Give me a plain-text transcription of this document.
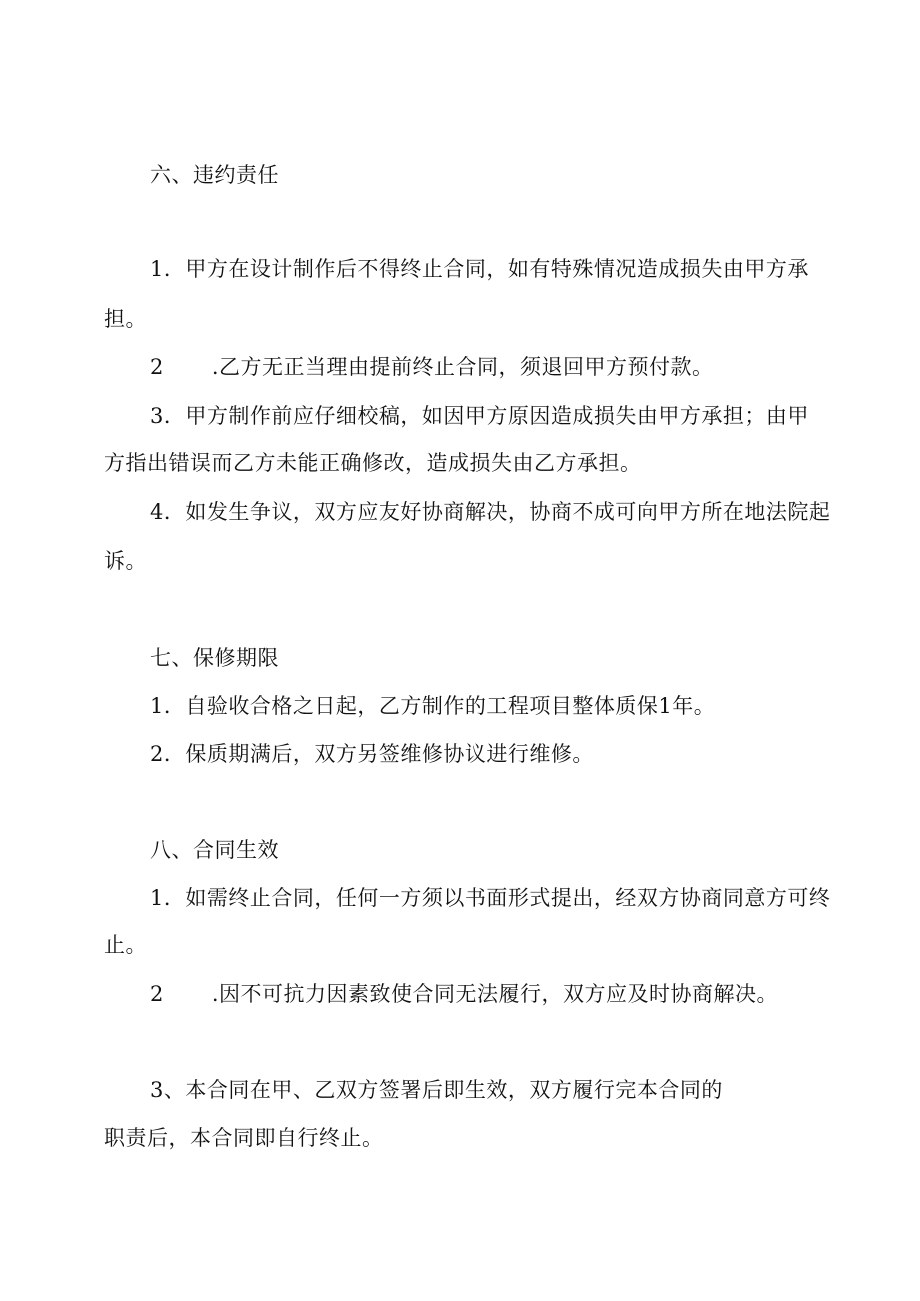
六、违约责任
1．甲方在设计制作后不得终止合同，如有特殊情况造成损失由甲方承
担。
2 .乙方无正当理由提前终止合同，须退回甲方预付款。
3．甲方制作前应仔细校稿，如因甲方原因造成损失由甲方承担；由甲
方指出错误而乙方未能正确修改，造成损失由乙方承担。
4．如发生争议，双方应友好协商解决，协商不成可向甲方所在地法院起
诉。
七、保修期限
1．自验收合格之日起，乙方制作的工程项目整体质保1年。
2．保质期满后，双方另签维修协议进行维修。
八、合同生效
1．如需终止合同，任何一方须以书面形式提出，经双方协商同意方可终
止。
2 .因不可抗力因素致使合同无法履行，双方应及时协商解决。
3、本合同在甲、乙双方签署后即生效，双方履行完本合同的
职责后，本合同即自行终止。
